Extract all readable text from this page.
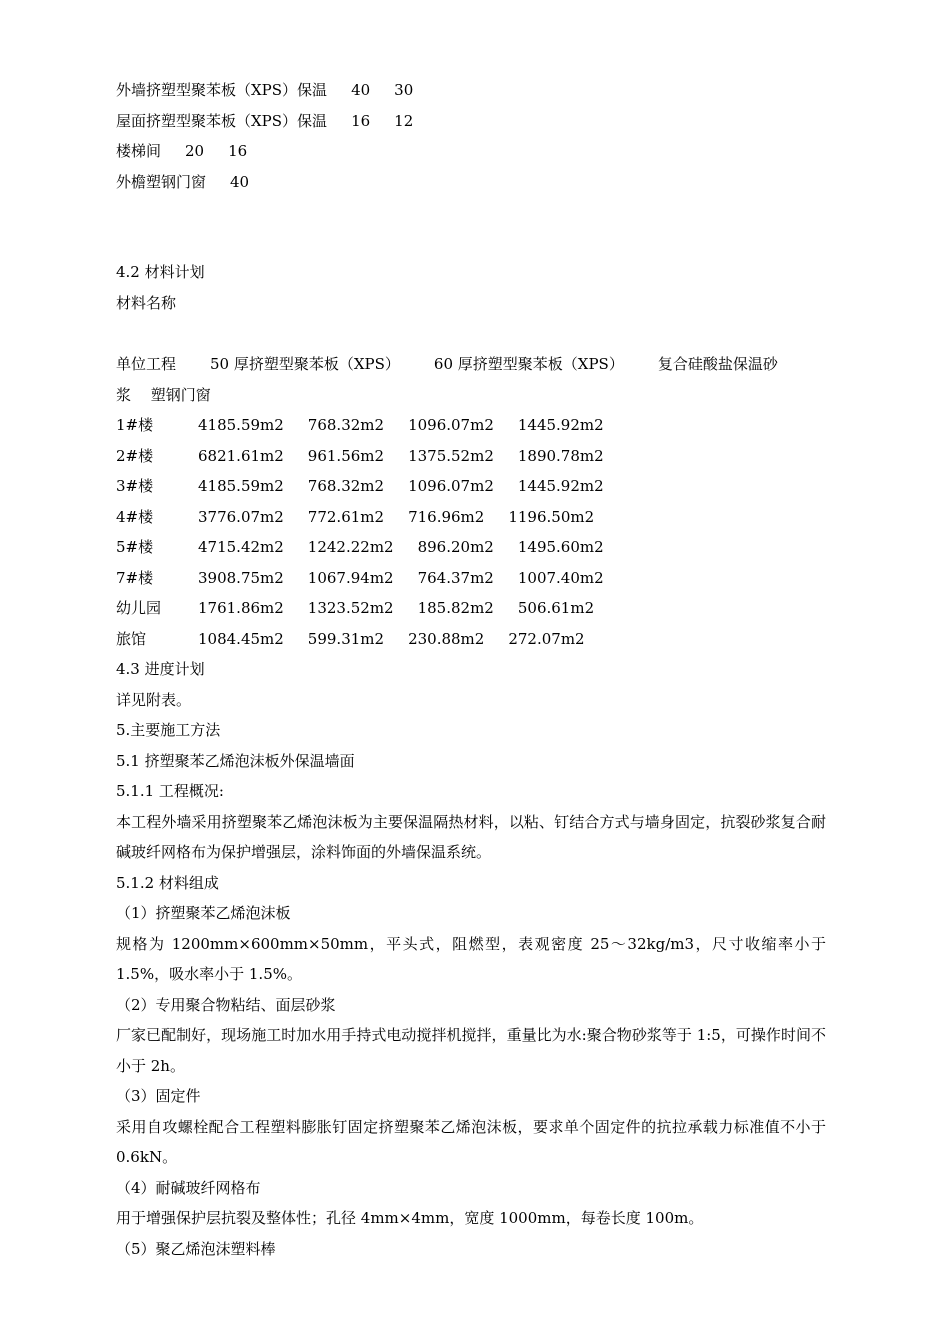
外墙挤塑型聚苯板（XPS）保温 40 30
屋面挤塑型聚苯板（XPS）保温 16 12
楼梯间 20 16
外檐塑钢门窗 40
4.2 材料计划
材料名称
单位工程 50 厚挤塑型聚苯板（XPS） 60 厚挤塑型聚苯板（XPS） 复合硅酸盐保温砂
浆　 塑钢门窗
1#楼	4185.59m2 768.32m2 1096.07m2 1445.92m2
2#楼	6821.61m2 961.56m2 1375.52m2 1890.78m2
3#楼	4185.59m2 768.32m2 1096.07m2 1445.92m2
4#楼	3776.07m2 772.61m2 716.96m2 1196.50m2
5#楼	4715.42m2 1242.22m2 896.20m2 1495.60m2
7#楼	3908.75m2 1067.94m2 764.37m2 1007.40m2
幼儿园 1761.86m2 1323.52m2 185.82m2 506.61m2
旅馆	1084.45m2 599.31m2 230.88m2 272.07m2
4.3 进度计划
详见附表。
5.主要施工方法
5.1 挤塑聚苯乙烯泡沫板外保温墙面
5.1.1 工程概况:
本工程外墙采用挤塑聚苯乙烯泡沫板为主要保温隔热材料，以粘、钉结合方式与墙身固定，抗裂砂浆复合耐碱玻纤网格布为保护增强层，涂料饰面的外墙保温系统。
5.1.2 材料组成
（1）挤塑聚苯乙烯泡沫板
规格为 1200mm×600mm×50mm，平头式，阻燃型，表观密度 25～32kg/m3，尺寸收缩率小于 1.5%，吸水率小于 1.5%。
（2）专用聚合物粘结、面层砂浆
厂家已配制好，现场施工时加水用手持式电动搅拌机搅拌，重量比为水:聚合物砂浆等于 1:5，可操作时间不小于 2h。
（3）固定件
采用自攻螺栓配合工程塑料膨胀钉固定挤塑聚苯乙烯泡沫板，要求单个固定件的抗拉承载力标准值不小于 0.6kN。
（4）耐碱玻纤网格布
用于增强保护层抗裂及整体性；孔径 4mm×4mm，宽度 1000mm，每卷长度 100m。
（5）聚乙烯泡沫塑料棒
